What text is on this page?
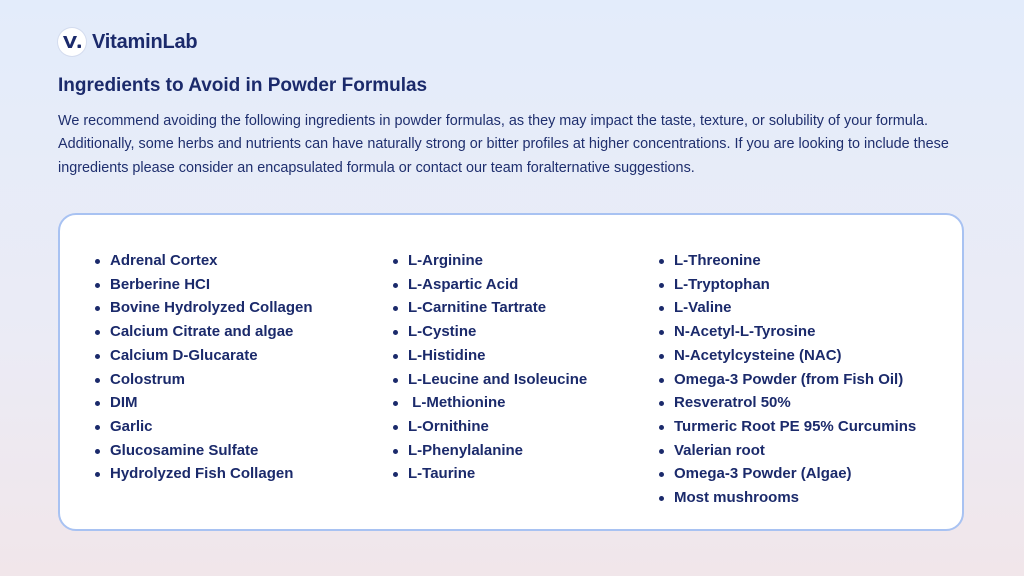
VitaminLab
Ingredients to Avoid in Powder Formulas

We recommend avoiding the following ingredients in powder formulas, as they may impact the taste, texture, or solubility of your formula. Additionally, some herbs and nutrients can have naturally strong or bitter profiles at higher concentrations. If you are looking to include these ingredients please consider an encapsulated formula or contact our team foralternative suggestions.

Adrenal Cortex
Berberine HCI
Bovine Hydrolyzed Collagen
Calcium Citrate and algae
Calcium D-Glucarate
Colostrum
DIM
Garlic
Glucosamine Sulfate
Hydrolyzed Fish Collagen
L-Arginine
L-Aspartic Acid
L-Carnitine Tartrate
L-Cystine
L-Histidine
L-Leucine and Isoleucine
L-Methionine
L-Ornithine
L-Phenylalanine
L-Taurine
L-Threonine
L-Tryptophan
L-Valine
N-Acetyl-L-Tyrosine
N-Acetylcysteine (NAC)
Omega-3 Powder (from Fish Oil)
Resveratrol 50%
Turmeric Root PE 95% Curcumins
Valerian root
Omega-3 Powder (Algae)
Most mushrooms
